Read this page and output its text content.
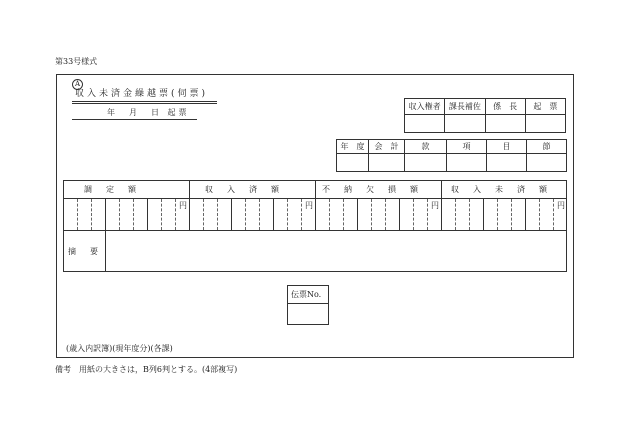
第33号様式
A
収入未済金繰越票(伺票)
年　月　日 起票
収入権者	課長補佐	係　長	起　票

年　度	会　計	款	項	目	節

調　定　額	収　入　済　額	不　納　欠　損　額	収　入　未　済　額
円	円	円	円
摘　要
伝票No.
(歳入内訳簿)(現年度分)(各課)
備考　用紙の大きさは，B列6判とする。(4部複写)
